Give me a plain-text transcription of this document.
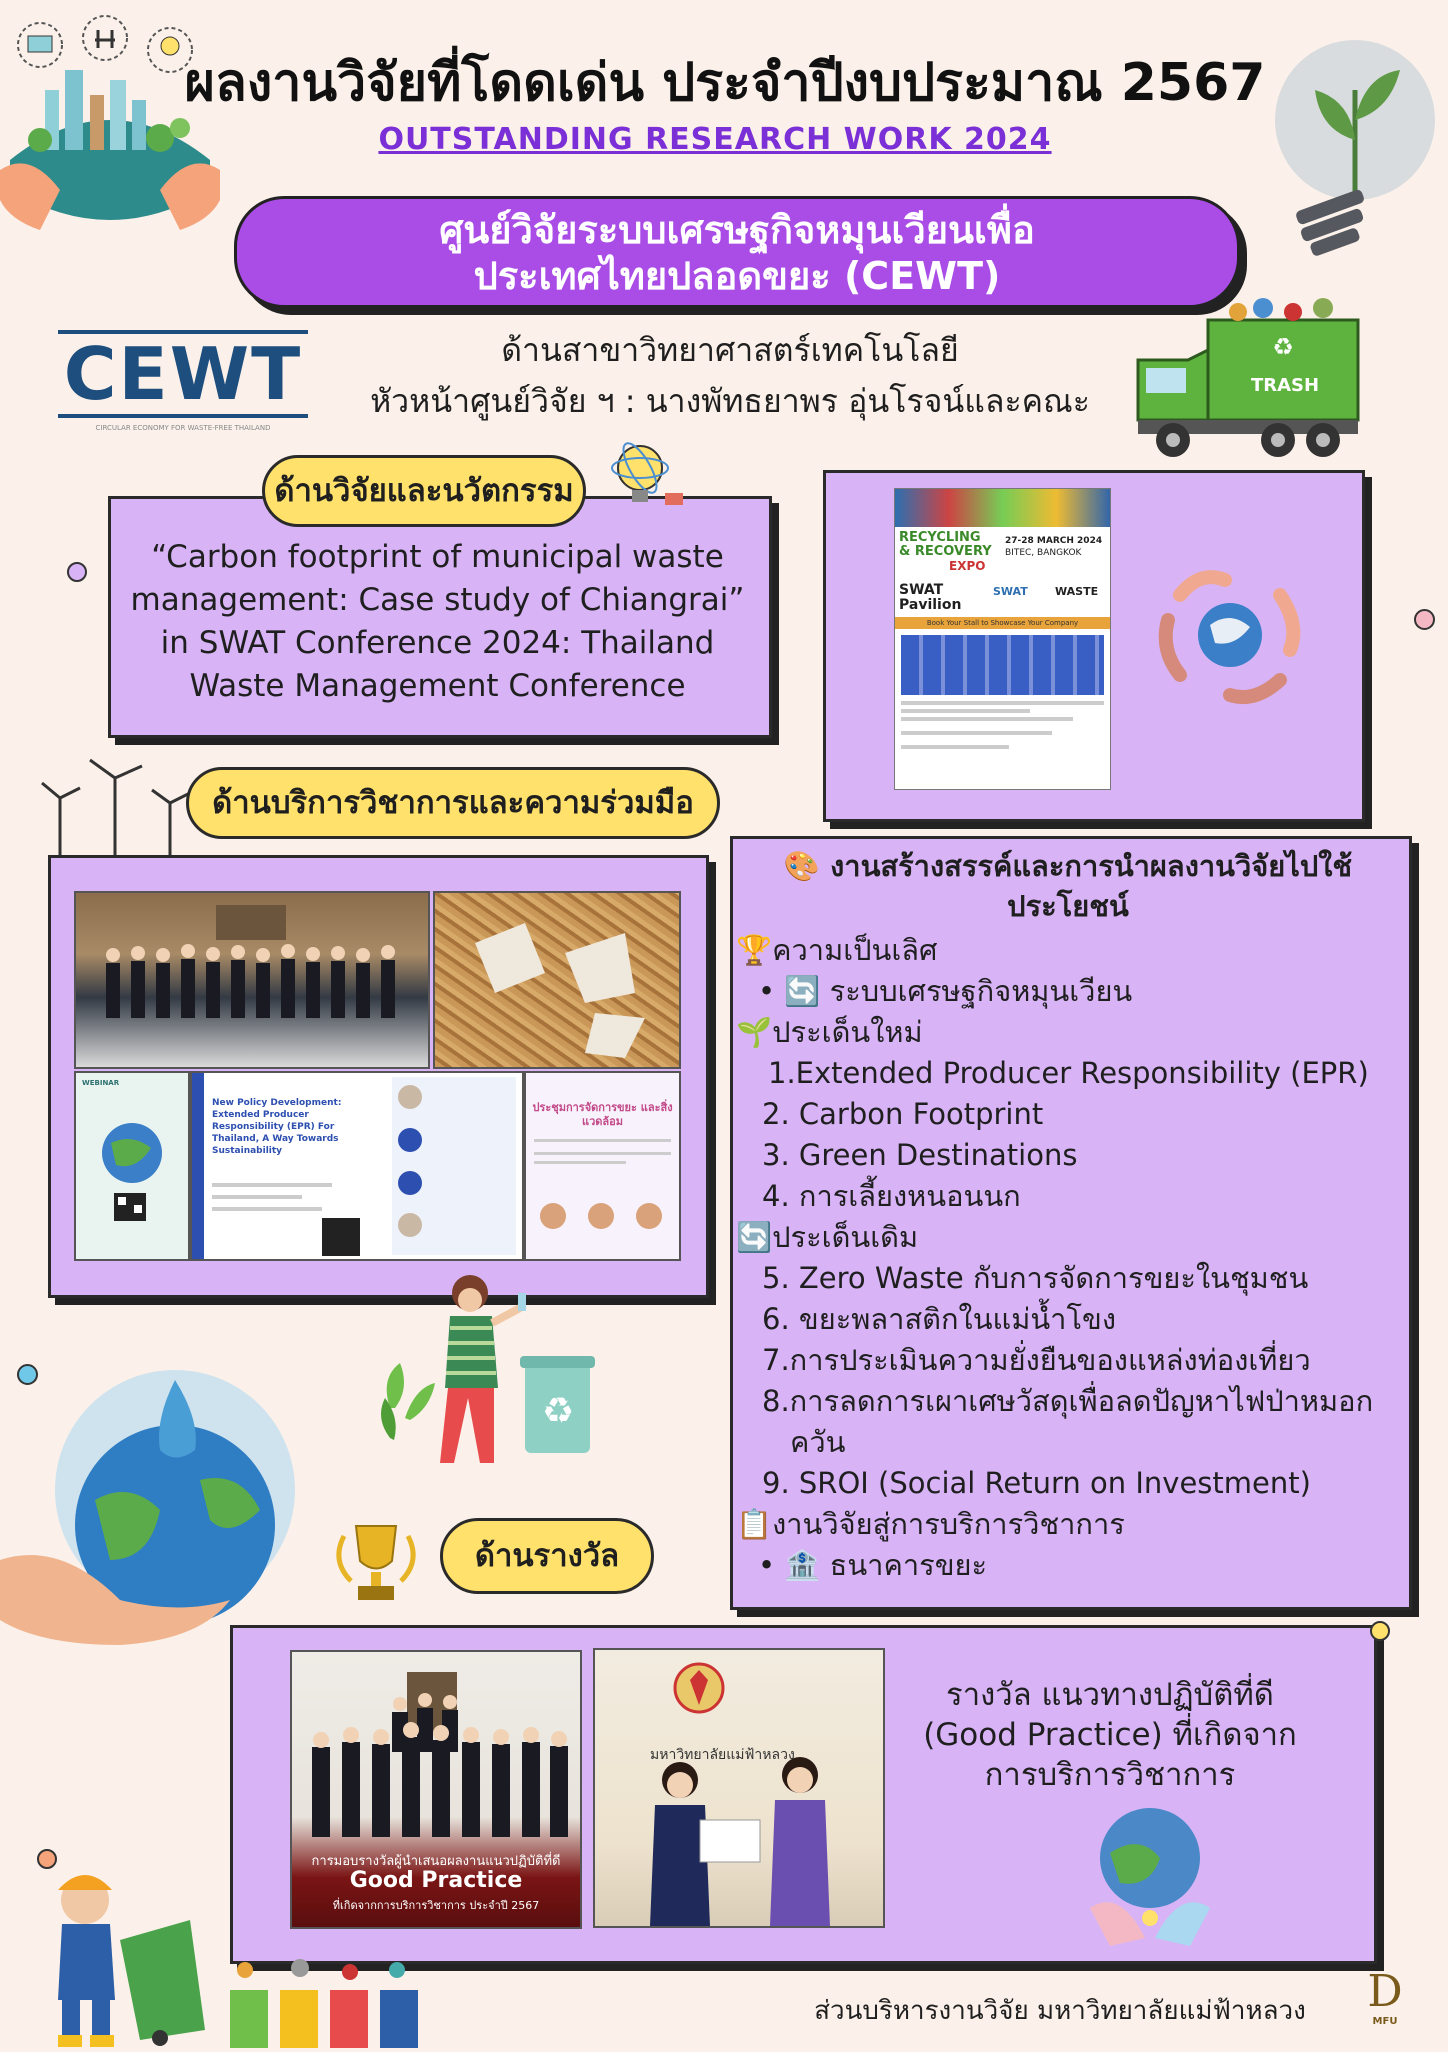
ผลงานวิจัยที่โดดเด่น ประจำปีงบประมาณ 2567
OUTSTANDING RESEARCH WORK 2024
ศูนย์วิจัยระบบเศรษฐกิจหมุนเวียนเพื่อ
ประเทศไทยปลอดขยะ (CEWT)
CEWT
CIRCULAR ECONOMY FOR WASTE-FREE THAILAND
ด้านสาขาวิทยาศาสตร์เทคโนโลยี
หัวหน้าศูนย์วิจัย ฯ : นางพัทธยาพร อุ่นโรจน์และคณะ
♻
TRASH
ด้านวิจัยและนวัตกรรม
“Carbon footprint of municipal waste management: Case study of Chiangrai” in SWAT Conference 2024: Thailand Waste Management Conference
RECYCLING
& RECOVERY
EXPO
27-28 MARCH 2024
BITEC, BANGKOK
SWAT Pavilion
SWAT WASTE
Book Your Stall to Showcase Your Company
ด้านบริการวิชาการและความร่วมมือ
WEBINAR
New Policy Development: Extended Producer Responsibility (EPR) For Thailand, A Way Towards Sustainability
ประชุมการจัดการขยะ และสิ่งแวดล้อม
🎨 งานสร้างสรรค์และการนำผลงานวิจัยไปใช้
ประโยชน์
🏆ความเป็นเลิศ
• 🔄 ระบบเศรษฐกิจหมุนเวียน
🌱ประเด็นใหม่
1.Extended Producer Responsibility (EPR)
2. Carbon Footprint
3. Green Destinations
4. การเลี้ยงหนอนนก
🔄ประเด็นเดิม
5. Zero Waste กับการจัดการขยะในชุมชน
6. ขยะพลาสติกในแม่น้ำโขง
7.การประเมินความยั่งยืนของแหล่งท่องเที่ยว
8.การลดการเผาเศษวัสดุเพื่อลดปัญหาไฟป่าหมอก
ควัน
9. SROI (Social Return on Investment)
📋งานวิจัยสู่การบริการวิชาการ
• 🏦 ธนาคารขยะ
♻
ด้านรางวัล
การมอบรางวัลผู้นำเสนอผลงานแนวปฏิบัติที่ดี
Good Practice
ที่เกิดจากการบริการวิชาการ ประจำปี 2567
มหาวิทยาลัยแม่ฟ้าหลวง
รางวัล แนวทางปฏิบัติที่ดี
(Good Practice) ที่เกิดจาก
การบริการวิชาการ
ส่วนบริหารงานวิจัย มหาวิทยาลัยแม่ฟ้าหลวง	D
MFU
